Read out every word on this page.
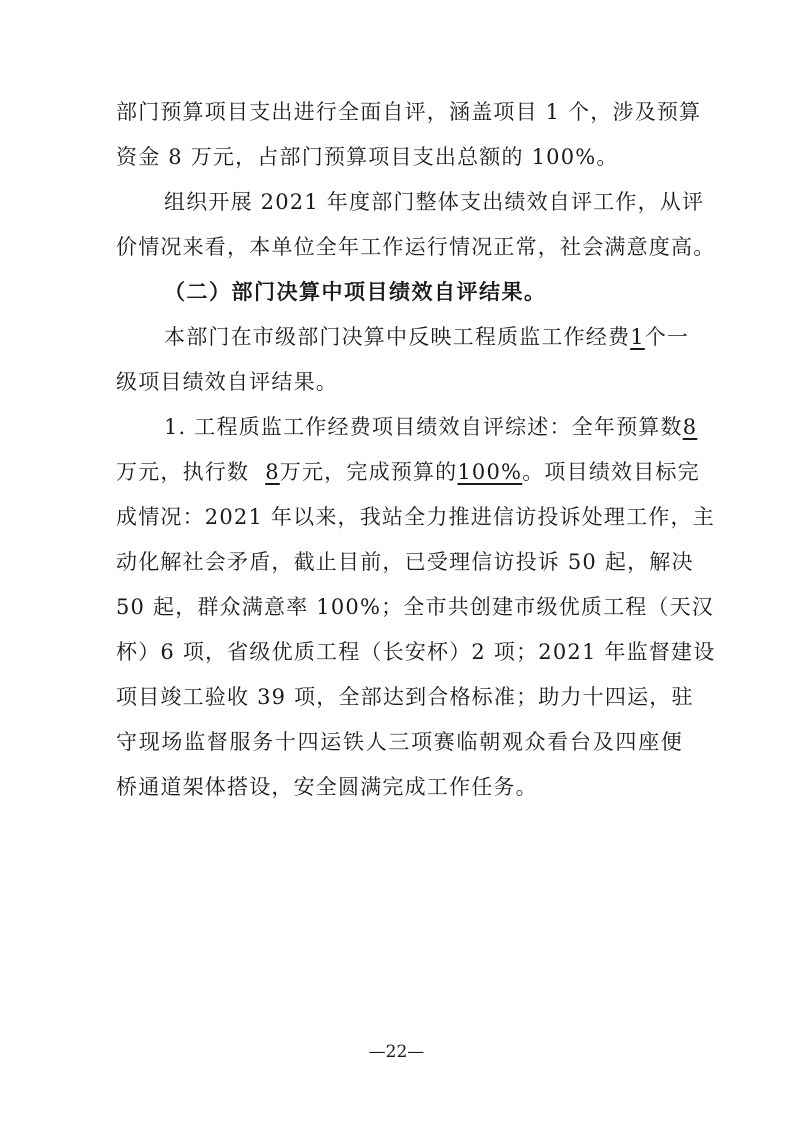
部门预算项目支出进行全面自评，涵盖项目 1 个，涉及预算
资金 8 万元，占部门预算项目支出总额的 100%。
组织开展 2021 年度部门整体支出绩效自评工作，从评
价情况来看，本单位全年工作运行情况正常，社会满意度高。
（二）部门决算中项目绩效自评结果。
本部门在市级部门决算中反映工程质监工作经费1个一
级项目绩效自评结果。
1. 工程质监工作经费项目绩效自评综述：全年预算数8
万元，执行数 8万元，完成预算的100%。项目绩效目标完
成情况：2021 年以来，我站全力推进信访投诉处理工作，主
动化解社会矛盾，截止目前，已受理信访投诉 50 起，解决
50 起，群众满意率 100%；全市共创建市级优质工程（天汉
杯）6 项，省级优质工程（长安杯）2 项；2021 年监督建设
项目竣工验收 39 项，全部达到合格标准；助力十四运，驻
守现场监督服务十四运铁人三项赛临朝观众看台及四座便
桥通道架体搭设，安全圆满完成工作任务。
—22—
